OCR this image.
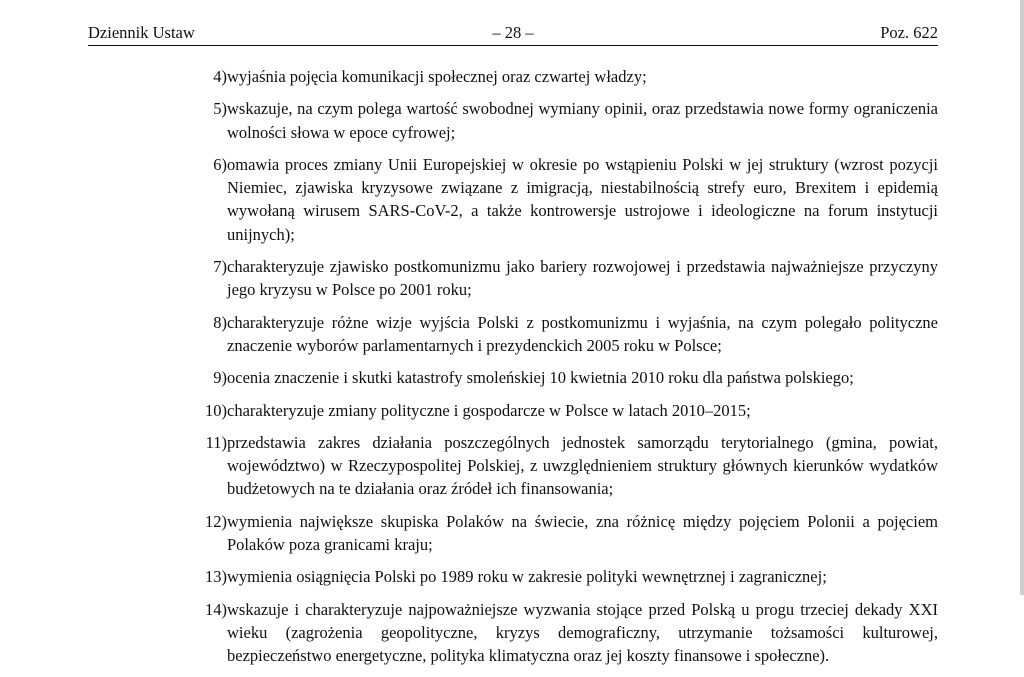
Dziennik Ustaw	– 28 –	Poz. 622
4) wyjaśnia pojęcia komunikacji społecznej oraz czwartej władzy;
5) wskazuje, na czym polega wartość swobodnej wymiany opinii, oraz przedstawia nowe formy ograniczenia wolności słowa w epoce cyfrowej;
6) omawia proces zmiany Unii Europejskiej w okresie po wstąpieniu Polski w jej struktury (wzrost pozycji Niemiec, zjawiska kryzysowe związane z imigracją, niestabilnością strefy euro, Brexitem i epidemią wywołaną wirusem SARS-CoV-2, a także kontrowersje ustrojowe i ideologiczne na forum instytucji unijnych);
7) charakteryzuje zjawisko postkomunizmu jako bariery rozwojowej i przedstawia najważniejsze przyczyny jego kryzysu w Polsce po 2001 roku;
8) charakteryzuje różne wizje wyjścia Polski z postkomunizmu i wyjaśnia, na czym polegało polityczne znaczenie wyborów parlamentarnych i prezydenckich 2005 roku w Polsce;
9) ocenia znaczenie i skutki katastrofy smoleńskiej 10 kwietnia 2010 roku dla państwa polskiego;
10) charakteryzuje zmiany polityczne i gospodarcze w Polsce w latach 2010–2015;
11) przedstawia zakres działania poszczególnych jednostek samorządu terytorialnego (gmina, powiat, województwo) w Rzeczypospolitej Polskiej, z uwzględnieniem struktury głównych kierunków wydatków budżetowych na te działania oraz źródeł ich finansowania;
12) wymienia największe skupiska Polaków na świecie, zna różnicę między pojęciem Polonii a pojęciem Polaków poza granicami kraju;
13) wymienia osiągnięcia Polski po 1989 roku w zakresie polityki wewnętrznej i zagranicznej;
14) wskazuje i charakteryzuje najpoważniejsze wyzwania stojące przed Polską u progu trzeciej dekady XXI wieku (zagrożenia geopolityczne, kryzys demograficzny, utrzymanie tożsamości kulturowej, bezpieczeństwo energetyczne, polityka klimatyczna oraz jej koszty finansowe i społeczne).
